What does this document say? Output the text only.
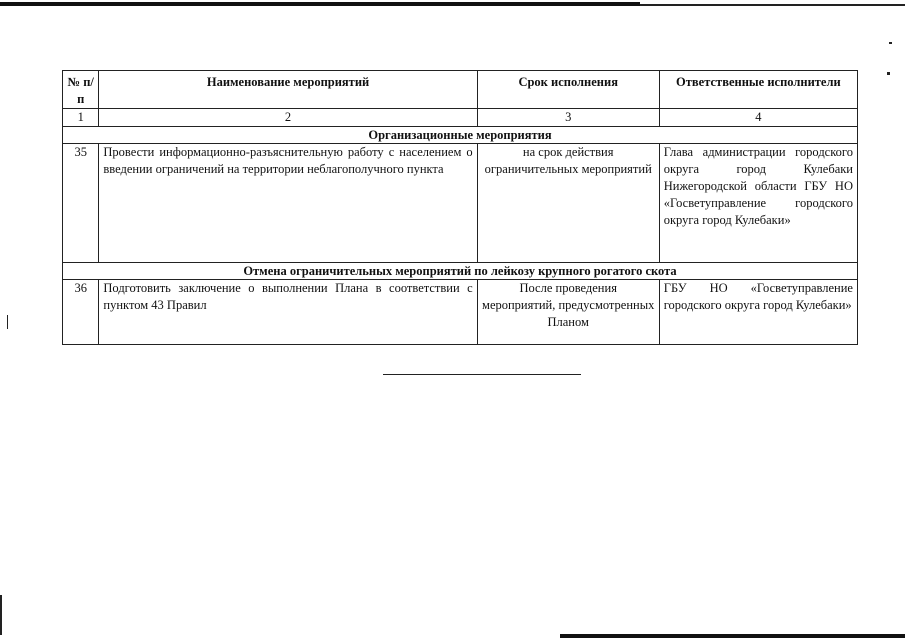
№ п/п	Наименование мероприятий	Срок исполнения	Ответственные исполнители
1	2	3	4
Организационные мероприятия			
35	Провести информационно-разъяснительную работу с населением о введении ограничений на территории неблагополучного пункта	на срок действия ограничительных мероприятий	Глава администрации городского округа город Кулебаки Нижегородской области ГБУ НО «Госветуправление городского округа город Кулебаки»
Отмена ограничительных мероприятий по лейкозу крупного рогатого скота			
36	Подготовить заключение о выполнении Плана в соответствии с пунктом 43 Правил	После проведения мероприятий, предусмотренных Планом	ГБУ НО «Госветуправление городского округа город Кулебаки»
